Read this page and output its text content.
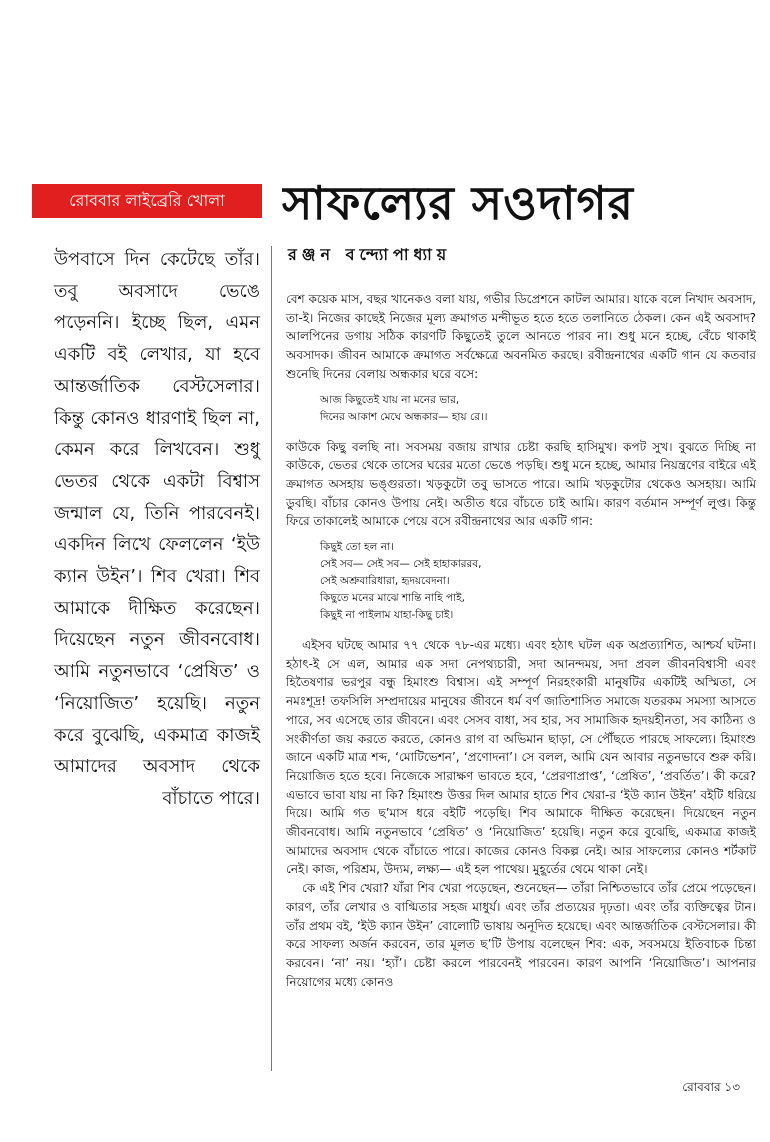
রোববার লাইব্রেরি খোলা	সাফল্যের সওদাগর
রঞ্জন বন্দ্যোপাধ্যায়
উপবাসে দিন কেটেছে তাঁর। তবু অবসাদে ভেঙে পড়েননি। ইচ্ছে ছিল, এমন একটি বই লেখার, যা হবে আন্তর্জাতিক বেস্টসেলার। কিন্তু কোনও ধারণাই ছিল না, কেমন করে লিখবেন। শুধু ভেতর থেকে একটা বিশ্বাস জন্মাল যে, তিনি পারবেনই। একদিন লিখে ফেললেন ‘ইউ ক্যান উইন’। শিব খেরা। শিব আমাকে দীক্ষিত করেছেন। দিয়েছেন নতুন জীবনবোধ। আমি নতুনভাবে ‘প্রেষিত’ ও ‘নিয়োজিত’ হয়েছি। নতুন করে বুঝেছি, একমাত্র কাজই আমাদের অবসাদ থেকে বাঁচাতে পারে।

বেশ কয়েক মাস, বছর খানেকও বলা যায়, গভীর ডিপ্রেশনে কাটল আমার। যাকে বলে নিখাদ অবসাদ, তা-ই। নিজের কাছেই নিজের মূল্য ক্রমাগত মন্দীভূত হতে হতে তলানিতে ঠেকল। কেন এই অবসাদ? আলপিনের ডগায় সঠিক কারণটি কিছুতেই তুলে আনতে পারব না। শুধু মনে হচ্ছে, বেঁচে থাকাই অবসাদক। জীবন আমাকে ক্রমাগত সর্বক্ষেত্রে অবনমিত করছে। রবীন্দ্রনাথের একটি গান যে কতবার শুনেছি দিনের বেলায় অন্ধকার ঘরে বসে:

আজ কিছুতেই যায় না মনের ভার,
দিনের আকাশ মেঘে অন্ধকার— হায় রে।।

কাউকে কিছু বলছি না। সবসময় বজায় রাখার চেষ্টা করছি হাসিমুখ। কপট সুখ। বুঝতে দিচ্ছি না কাউকে, ভেতর থেকে তাসের ঘরের মতো ভেঙে পড়ছি। শুধু মনে হচ্ছে, আমার নিয়ন্ত্রণের বাইরে এই ক্রমাগত অসহায় ভঙ্গুরতা। খড়কুটো তবু ভাসতে পারে। আমি খড়কুটোর থেকেও অসহায়। আমি ডুবছি। বাঁচার কোনও উপায় নেই। অতীত ধরে বাঁচতে চাই আমি। কারণ বর্তমান সম্পূর্ণ লুপ্ত। কিন্তু ফিরে তাকালেই আমাকে পেয়ে বসে রবীন্দ্রনাথের আর একটি গান:

কিছুই তো হল না।
সেই সব— সেই সব— সেই হাহাকাররব,
সেই অশ্রুবারিধারা, হৃদয়বেদনা।
কিছুতে মনের মাঝে শান্তি নাহি পাই,
কিছুই না পাইলাম যাহা-কিছু চাই।

এইসব ঘটছে আমার ৭৭ থেকে ৭৮-এর মধ্যে। এবং হঠাৎ ঘটল এক অপ্রত্যাশিত, আশ্চর্য ঘটনা। হঠাৎ-ই সে এল, আমার এক সদা নেপথ্যচারী, সদা আনন্দময়, সদা প্রবল জীবনবিশ্বাসী এবং হিতৈষণার ভরপুর বন্ধু হিমাংশু বিশ্বাস। এই সম্পূর্ণ নিরহংকারী মানুষটির একটিই অস্মিতা, সে নমঃশূদ্র! তফসিলি সম্প্রদায়ের মানুষের জীবনে ধর্ম বর্ণ জাতিশাসিত সমাজে যতরকম সমস্যা আসতে পারে, সব এসেছে তার জীবনে। এবং সেসব বাধা, সব হার, সব সামাজিক হৃদয়হীনতা, সব কাঠিন্য ও সংকীর্ণতা জয় করতে করতে, কোনও রাগ বা অভিমান ছাড়া, সে পৌঁছতে পারছে সাফল্যে। হিমাংশু জানে একটি মাত্র শব্দ, ‘মোটিভেশন’, ‘প্রণোদনা’। সে বলল, আমি যেন আবার নতুনভাবে শুরু করি। নিয়োজিত হতে হবে। নিজেকে সারাক্ষণ ভাবতে হবে, ‘প্রেরণাপ্রাপ্ত’, ‘প্রেষিত’, ‘প্রবর্তিত’। কী করে? এভাবে ভাবা যায় না কি? হিমাংশু উত্তর দিল আমার হাতে শিব খেরা-র ‘ইউ ক্যান উইন’ বইটি ধরিয়ে দিয়ে। আমি গত ছ’মাস ধরে বইটি পড়েছি। শিব আমাকে দীক্ষিত করেছেন। দিয়েছেন নতুন জীবনবোধ। আমি নতুনভাবে ‘প্রেষিত’ ও ‘নিয়োজিত’ হয়েছি। নতুন করে বুঝেছি, একমাত্র কাজই আমাদের অবসাদ থেকে বাঁচাতে পারে। কাজের কোনও বিকল্প নেই। আর সাফল্যের কোনও শর্টকাট নেই। কাজ, পরিশ্রম, উদ্যম, লক্ষ্য— এই হল পাথেয়। মুহূর্তের থেমে থাকা নেই।

কে এই শিব খেরা? যাঁরা শিব খেরা পড়েছেন, শুনেছেন— তাঁরা নিশ্চিতভাবে তাঁর প্রেমে পড়েছেন। কারণ, তাঁর লেখার ও বাগ্মিতার সহজ মাধুর্য। এবং তাঁর প্রত্যয়ের দৃঢ়তা। এবং তাঁর ব্যক্তিত্বের টান। তাঁর প্রথম বই, ‘ইউ ক্যান উইন’ বোলোটি ভাষায় অনূদিত হয়েছে। এবং আন্তর্জাতিক বেস্টসেলার। কী করে সাফল্য অর্জন করবেন, তার মূলত ছ’টি উপায় বলেছেন শিব: এক, সবসময়ে ইতিবাচক চিন্তা করবেন। ‘না’ নয়। ‘হ্যাঁ’। চেষ্টা করলে পারবেনই পারবেন। কারণ আপনি ‘নিয়োজিত’। আপনার নিয়োগের মধ্যে কোনও

রোববার ১৩
